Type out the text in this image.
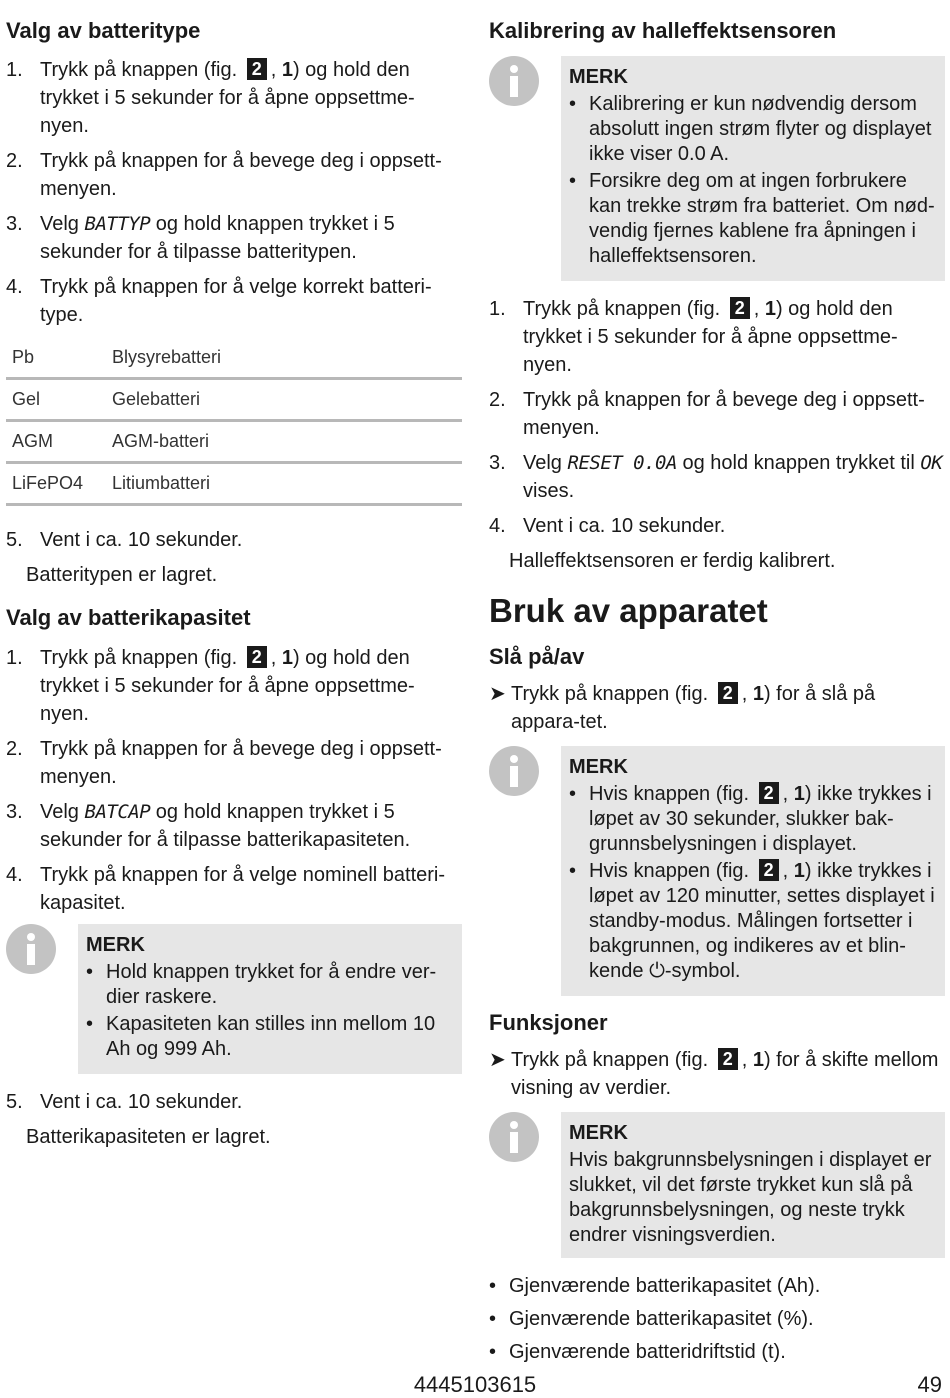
Valg av batteritype
1. Trykk på knappen (fig. 2 , 1) og hold den trykket i 5 sekunder for å åpne oppsettme-nyen.
2. Trykk på knappen for å bevege deg i oppsett-menyen.
3. Velg BATTYP og hold knappen trykket i 5 sekunder for å tilpasse batteritypen.
4. Trykk på knappen for å velge korrekt batteri-type.
Pb	Blysyrebatteri
Gel	Gelebatteri
AGM	AGM-batteri
LiFePO4	Litiumbatteri
5. Vent i ca. 10 sekunder.
Batteritypen er lagret.
Valg av batterikapasitet
1. Trykk på knappen (fig. 2 , 1) og hold den trykket i 5 sekunder for å åpne oppsettme-nyen.
2. Trykk på knappen for å bevege deg i oppsett-menyen.
3. Velg BATCAP og hold knappen trykket i 5 sekunder for å tilpasse batterikapasiteten.
4. Trykk på knappen for å velge nominell batteri-kapasitet.
MERK
• Hold knappen trykket for å endre ver-dier raskere.
• Kapasiteten kan stilles inn mellom 10 Ah og 999 Ah.
5. Vent i ca. 10 sekunder.
Batterikapasiteten er lagret.
Kalibrering av halleffektsensoren
MERK
• Kalibrering er kun nødvendig dersom absolutt ingen strøm flyter og displayet ikke viser 0.0 A.
• Forsikre deg om at ingen forbrukere kan trekke strøm fra batteriet. Om nød-vendig fjernes kablene fra åpningen i halleffektsensoren.
1. Trykk på knappen (fig. 2 , 1) og hold den trykket i 5 sekunder for å åpne oppsettme-nyen.
2. Trykk på knappen for å bevege deg i oppsett-menyen.
3. Velg RESET 0.0A og hold knappen trykket til OK vises.
4. Vent i ca. 10 sekunder.
Halleffektsensoren er ferdig kalibrert.
Bruk av apparatet
Slå på/av
➤ Trykk på knappen (fig. 2 , 1) for å slå på appara-tet.
MERK
• Hvis knappen (fig. 2 , 1) ikke trykkes i løpet av 30 sekunder, slukker bak-grunnsbelysningen i displayet.
• Hvis knappen (fig. 2 , 1) ikke trykkes i løpet av 120 minutter, settes displayet i standby-modus. Målingen fortsetter i bakgrunnen, og indikeres av et blin-kende ⏻-symbol.
Funksjoner
➤ Trykk på knappen (fig. 2 , 1) for å skifte mellom visning av verdier.
MERK

Hvis bakgrunnsbelysningen i displayet er slukket, vil det første trykket kun slå på bakgrunnsbelysningen, og neste trykk endrer visningsverdien.

• Gjenværende batterikapasitet (Ah).
• Gjenværende batterikapasitet (%).
• Gjenværende batteridriftstid (t).
4445103615	49
